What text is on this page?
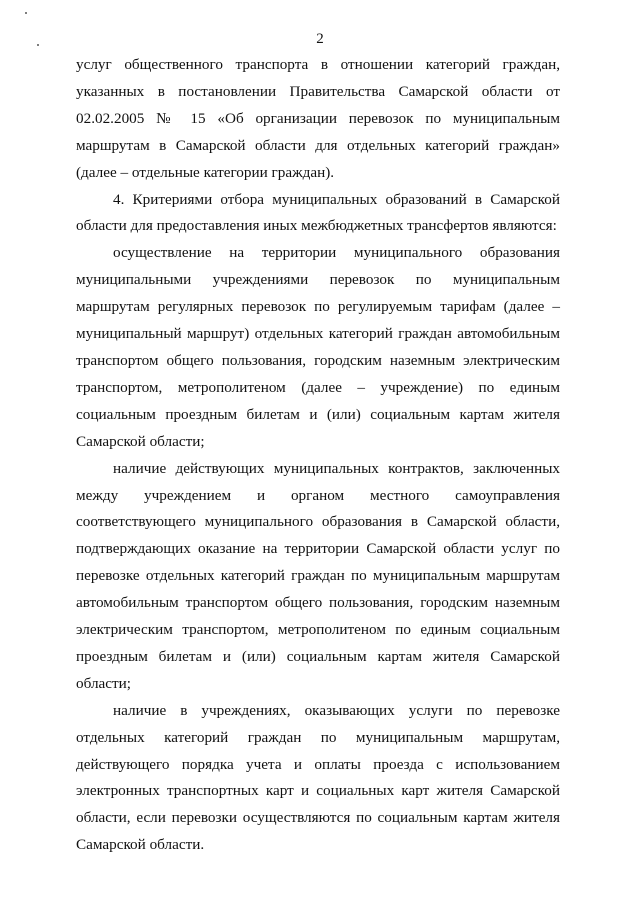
2

услуг общественного транспорта в отношении категорий граждан, указанных в постановлении Правительства Самарской области от 02.02.2005 № 15 «Об организации перевозок по муниципальным маршрутам в Самарской области для отдельных категорий граждан» (далее – отдельные категории граждан).

4. Критериями отбора муниципальных образований в Самарской области для предоставления иных межбюджетных трансфертов являются:

осуществление на территории муниципального образования муниципальными учреждениями перевозок по муниципальным маршрутам регулярных перевозок по регулируемым тарифам (далее – муниципальный маршрут) отдельных категорий граждан автомобильным транспортом общего пользования, городским наземным электрическим транспортом, метрополитеном (далее – учреждение) по единым социальным проездным билетам и (или) социальным картам жителя Самарской области;

наличие действующих муниципальных контрактов, заключенных между учреждением и органом местного самоуправления соответствующего муниципального образования в Самарской области, подтверждающих оказание на территории Самарской области услуг по перевозке отдельных категорий граждан по муниципальным маршрутам автомобильным транспортом общего пользования, городским наземным электрическим транспортом, метрополитеном по единым социальным проездным билетам и (или) социальным картам жителя Самарской области;

наличие в учреждениях, оказывающих услуги по перевозке отдельных категорий граждан по муниципальным маршрутам, действующего порядка учета и оплаты проезда с использованием электронных транспортных карт и социальных карт жителя Самарской области, если перевозки осуществляются по социальным картам жителя Самарской области.
